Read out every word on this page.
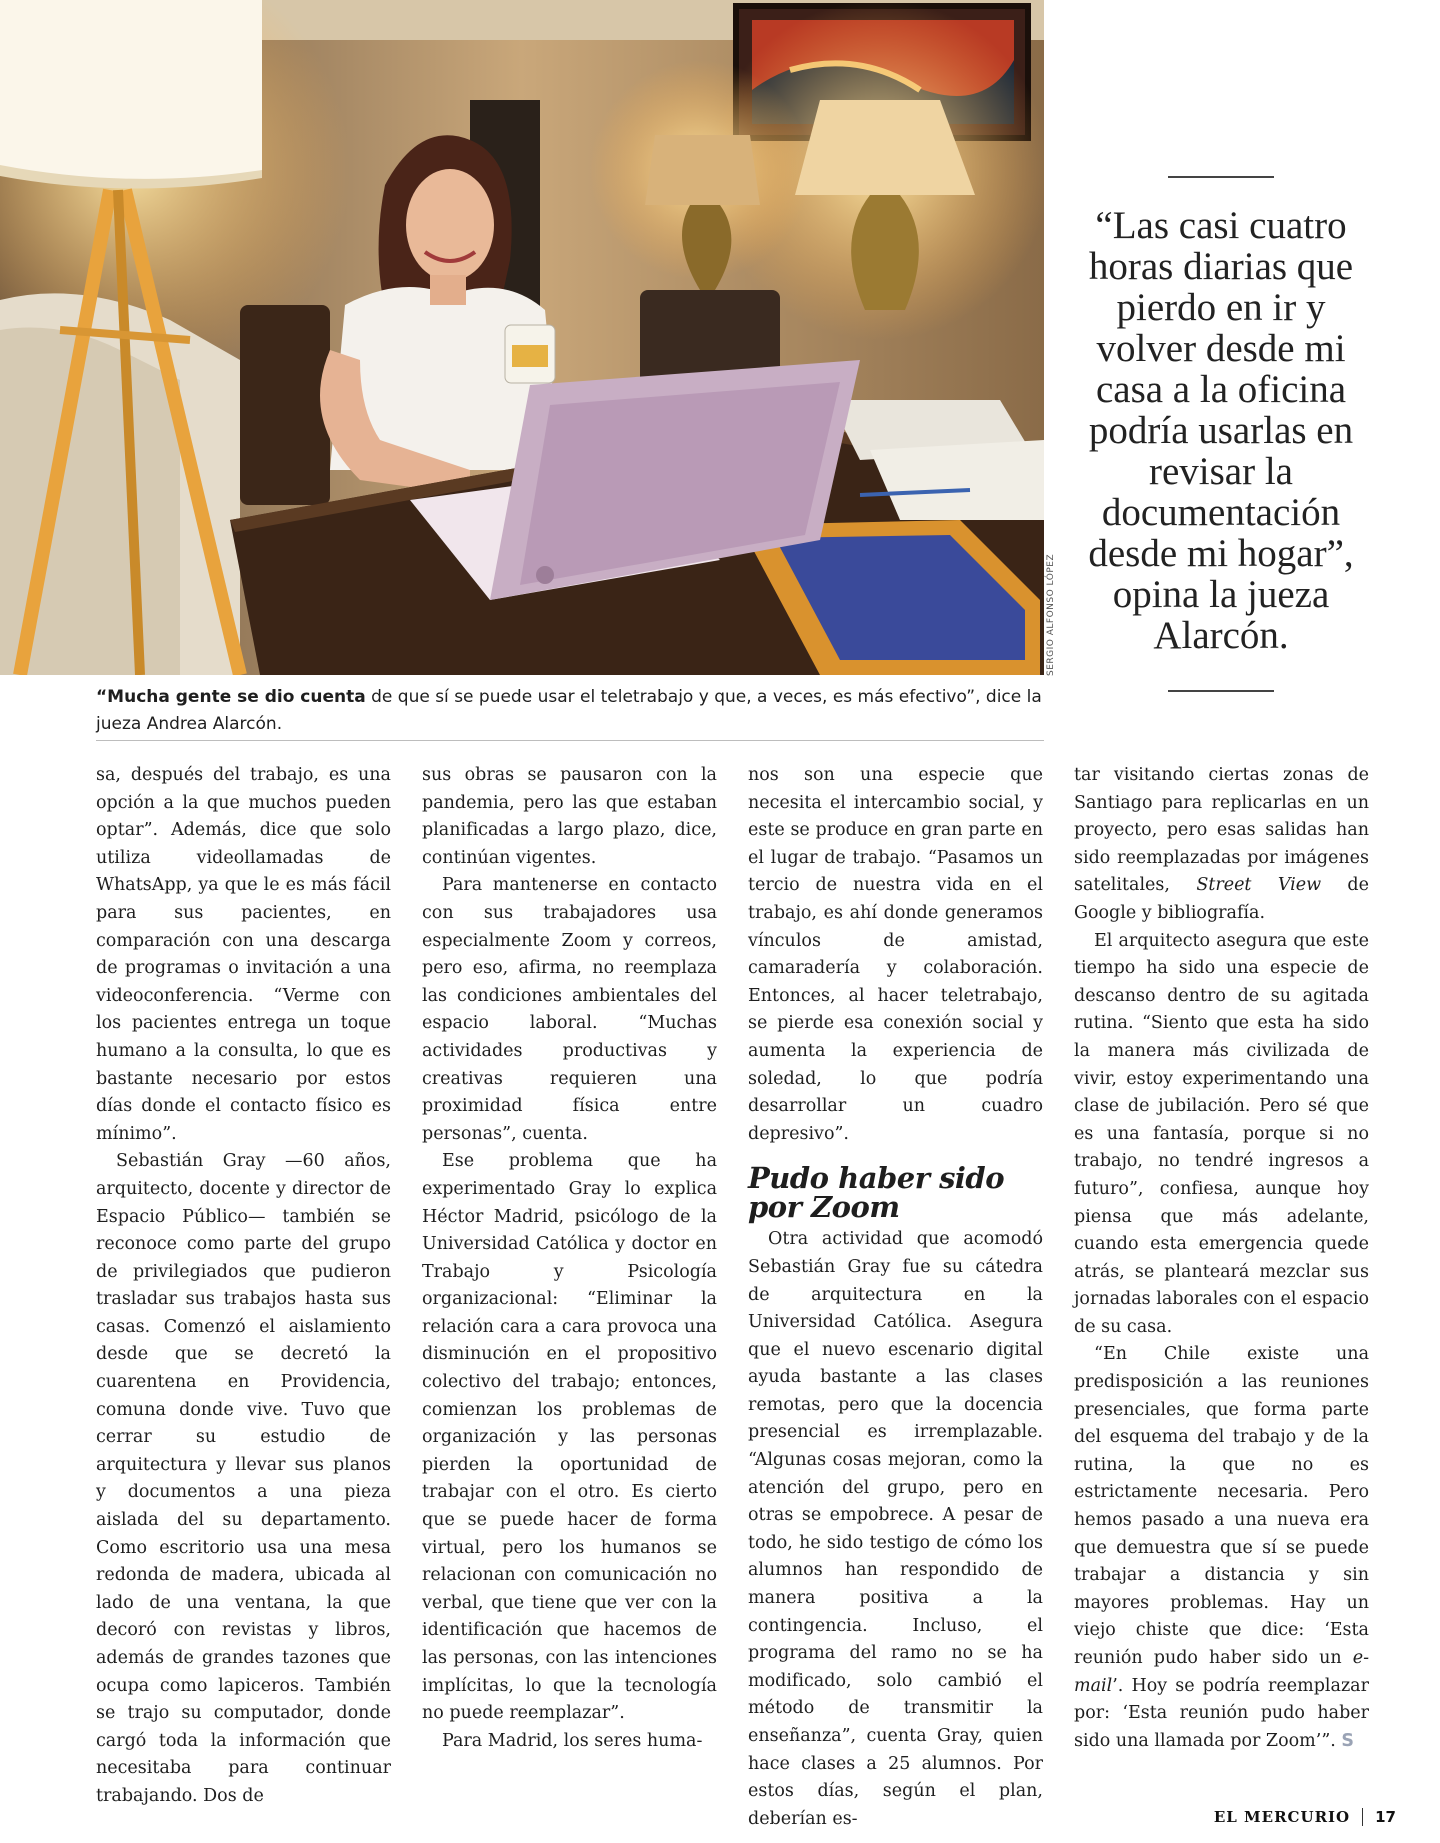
SERGIO ALFONSO LÓPEZ

“Mucha gente se dio cuenta de que sí se puede usar el teletrabajo y que, a veces, es más efectivo”, dice la jueza Andrea Alarcón.

“Las casi cuatro horas diarias que pierdo en ir y volver desde mi casa a la oficina podría usarlas en revisar la documentación desde mi hogar”, opina la jueza Alarcón.

sa, después del trabajo, es una opción a la que muchos pueden optar”. Además, dice que solo utiliza videollamadas de WhatsApp, ya que le es más fácil para sus pacientes, en comparación con una descarga de programas o invitación a una videoconferencia. “Verme con los pacientes entrega un toque humano a la consulta, lo que es bastante necesario por estos días donde el contacto físico es mínimo”.

Sebastián Gray —60 años, arquitecto, docente y director de Espacio Público— también se reconoce como parte del grupo de privilegiados que pudieron trasladar sus trabajos hasta sus casas. Comenzó el aislamiento desde que se decretó la cuarentena en Providencia, comuna donde vive. Tuvo que cerrar su estudio de arquitectura y llevar sus planos y documentos a una pieza aislada del su departamento. Como escritorio usa una mesa redonda de madera, ubicada al lado de una ventana, la que decoró con revistas y libros, además de grandes tazones que ocupa como lapiceros. También se trajo su computador, donde cargó toda la información que necesitaba para continuar trabajando. Dos de

sus obras se pausaron con la pandemia, pero las que estaban planificadas a largo plazo, dice, continúan vigentes.

Para mantenerse en contacto con sus trabajadores usa especialmente Zoom y correos, pero eso, afirma, no reemplaza las condiciones ambientales del espacio laboral. “Muchas actividades productivas y creativas requieren una proximidad física entre personas”, cuenta.

Ese problema que ha experimentado Gray lo explica Héctor Madrid, psicólogo de la Universidad Católica y doctor en Trabajo y Psicología organizacional: “Eliminar la relación cara a cara provoca una disminución en el propositivo colectivo del trabajo; entonces, comienzan los problemas de organización y las personas pierden la oportunidad de trabajar con el otro. Es cierto que se puede hacer de forma virtual, pero los humanos se relacionan con comunicación no verbal, que tiene que ver con la identificación que hacemos de las personas, con las intenciones implícitas, lo que la tecnología no puede reemplazar”.

Para Madrid, los seres huma-

nos son una especie que necesita el intercambio social, y este se produce en gran parte en el lugar de trabajo. “Pasamos un tercio de nuestra vida en el trabajo, es ahí donde generamos vínculos de amistad, camaradería y colaboración. Entonces, al hacer teletrabajo, se pierde esa conexión social y aumenta la experiencia de soledad, lo que podría desarrollar un cuadro depresivo”.

Pudo haber sido por Zoom

Otra actividad que acomodó Sebastián Gray fue su cátedra de arquitectura en la Universidad Católica. Asegura que el nuevo escenario digital ayuda bastante a las clases remotas, pero que la docencia presencial es irremplazable. “Algunas cosas mejoran, como la atención del grupo, pero en otras se empobrece. A pesar de todo, he sido testigo de cómo los alumnos han respondido de manera positiva a la contingencia. Incluso, el programa del ramo no se ha modificado, solo cambió el método de transmitir la enseñanza”, cuenta Gray, quien hace clases a 25 alumnos. Por estos días, según el plan, deberían es-

tar visitando ciertas zonas de Santiago para replicarlas en un proyecto, pero esas salidas han sido reemplazadas por imágenes satelitales, Street View de Google y bibliografía.

El arquitecto asegura que este tiempo ha sido una especie de descanso dentro de su agitada rutina. “Siento que esta ha sido la manera más civilizada de vivir, estoy experimentando una clase de jubilación. Pero sé que es una fantasía, porque si no trabajo, no tendré ingresos a futuro”, confiesa, aunque hoy piensa que más adelante, cuando esta emergencia quede atrás, se planteará mezclar sus jornadas laborales con el espacio de su casa.

“En Chile existe una predisposición a las reuniones presenciales, que forma parte del esquema del trabajo y de la rutina, la que no es estrictamente necesaria. Pero hemos pasado a una nueva era que demuestra que sí se puede trabajar a distancia y sin mayores problemas. Hay un viejo chiste que dice: ‘Esta reunión pudo haber sido un e-mail’. Hoy se podría reemplazar por: ‘Esta reunión pudo haber sido una llamada por Zoom’”. S

EL MERCURIO 17
